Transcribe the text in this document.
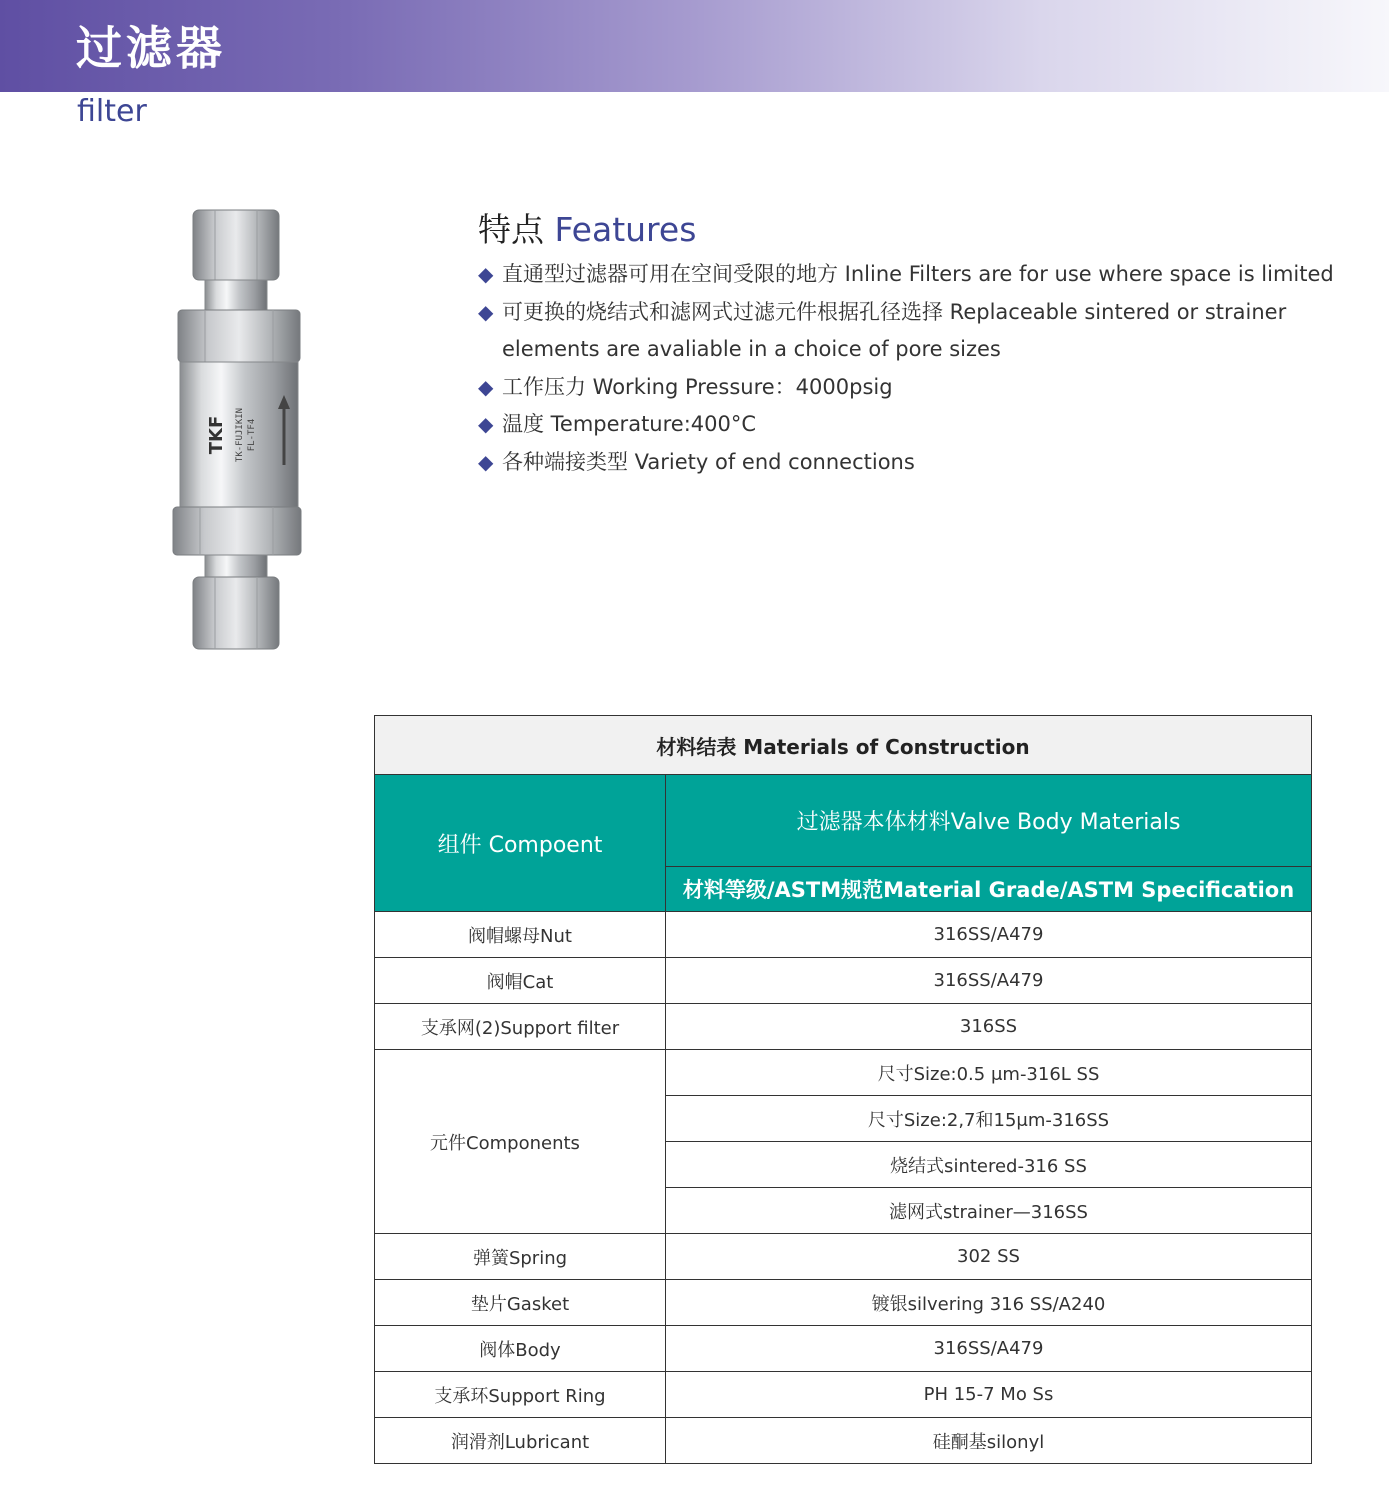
过滤器
filter
TKF TK-FUJIKIN FL-TF4
特点 Features
◆ 直通型过滤器可用在空间受限的地方 Inline Filters are for use where space is limited
◆ 可更换的烧结式和滤网式过滤元件根据孔径选择 Replaceable sintered or strainer elements are avaliable in a choice of pore sizes
◆ 工作压力 Working Pressure：4000psig
◆ 温度 Temperature:400°C
◆ 各种端接类型 Variety of end connections
材料结表 Materials of Construction	
组件 Compoent	过滤器本体材料Valve Body Materials
	材料等级/ASTM规范Material Grade/ASTM Specification
阀帽螺母Nut	316SS/A479
阀帽Cat	316SS/A479
支承网(2)Support filter	316SS
元件Components	尺寸Size:0.5 μm-316L SS
	尺寸Size:2,7和15μm-316SS
	烧结式sintered-316 SS
	滤网式strainer—316SS
弹簧Spring	302 SS
垫片Gasket	镀银silvering 316 SS/A240
阀体Body	316SS/A479
支承环Support Ring	PH 15-7 Mo Ss
润滑剂Lubricant	硅酮基silonyl
